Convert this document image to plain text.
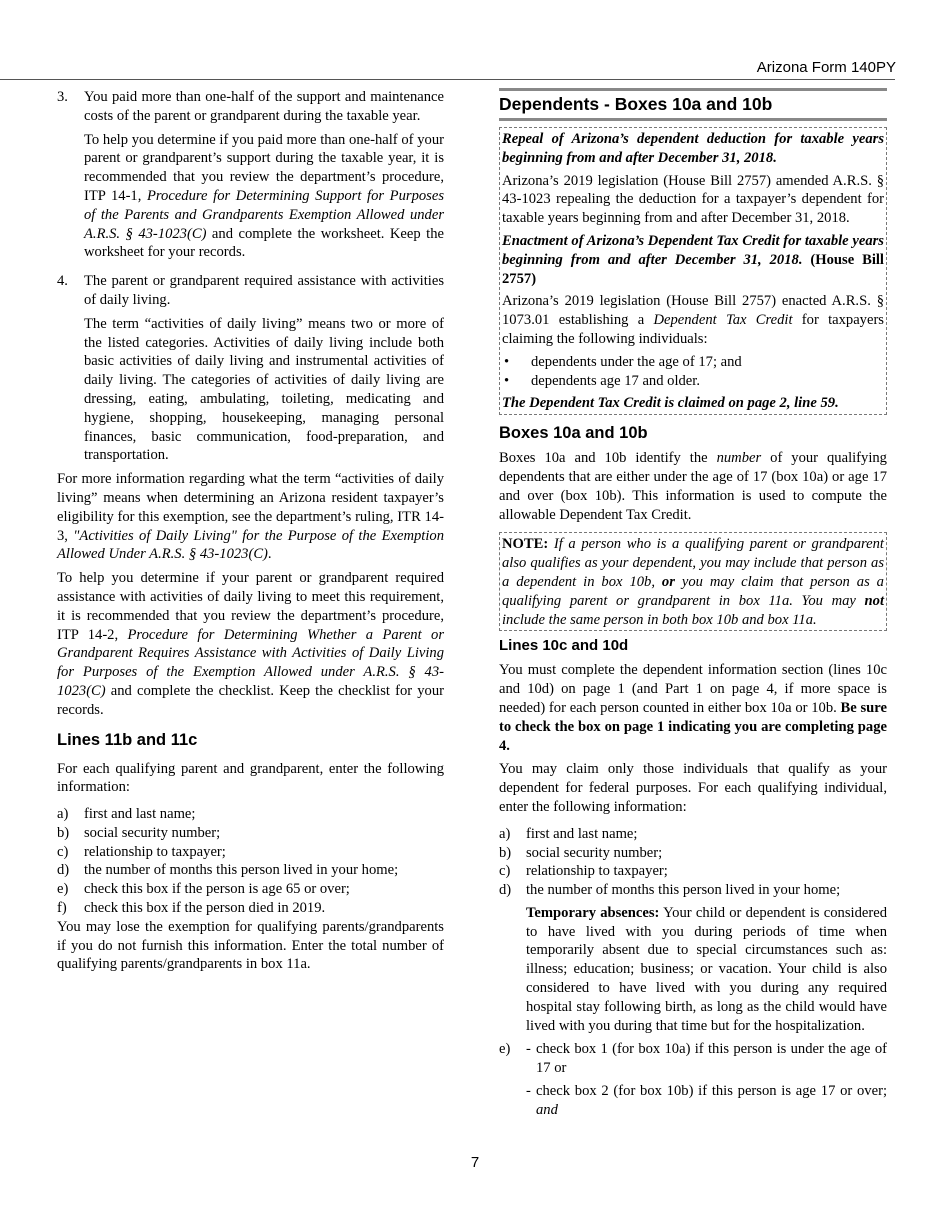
Arizona Form 140PY
3.	You paid more than one-half of the support and maintenance costs of the parent or grandparent during the taxable year.

To help you determine if you paid more than one-half of your parent or grandparent’s support during the taxable year, it is recommended that you review the department’s procedure, ITP 14-1, Procedure for Determining Support for Purposes of the Parents and Grandparents Exemption Allowed under A.R.S. § 43-1023(C) and complete the worksheet. Keep the worksheet for your records.

4.	The parent or grandparent required assistance with activities of daily living.

The term “activities of daily living” means two or more of the listed categories. Activities of daily living include both basic activities of daily living and instrumental activities of daily living. The categories of activities of daily living are dressing, eating, ambulating, toileting, medicating and hygiene, shopping, housekeeping, managing personal finances, basic communication, food-preparation, and transportation.

For more information regarding what the term “activities of daily living” means when determining an Arizona resident taxpayer’s eligibility for this exemption, see the department’s ruling, ITR 14-3, "Activities of Daily Living" for the Purpose of the Exemption Allowed Under A.R.S. § 43-1023(C).

To help you determine if your parent or grandparent required assistance with activities of daily living to meet this requirement, it is recommended that you review the department’s procedure, ITP 14-2, Procedure for Determining Whether a Parent or Grandparent Requires Assistance with Activities of Daily Living for Purposes of the Exemption Allowed under A.R.S. § 43-1023(C) and complete the checklist. Keep the checklist for your records.

Lines 11b and 11c

For each qualifying parent and grandparent, enter the following information:

a)	first and last name;
b)	social security number;
c)	relationship to taxpayer;
d)	the number of months this person lived in your home;
e)	check this box if the person is age 65 or over;
f)	check this box if the person died in 2019.

You may lose the exemption for qualifying parents/grandparents if you do not furnish this information. Enter the total number of qualifying parents/grandparents in box 11a.

Dependents - Boxes 10a and 10b

Repeal of Arizona’s dependent deduction for taxable years beginning from and after December 31, 2018.

Arizona’s 2019 legislation (House Bill 2757) amended A.R.S. § 43-1023 repealing the deduction for a taxpayer’s dependent for taxable years beginning from and after December 31, 2018.

Enactment of Arizona’s Dependent Tax Credit for taxable years beginning from and after December 31, 2018. (House Bill 2757)

Arizona’s 2019 legislation (House Bill 2757) enacted A.R.S. § 1073.01 establishing a Dependent Tax Credit for taxpayers claiming the following individuals:

•	dependents under the age of 17; and
•	dependents age 17 and older.

The Dependent Tax Credit is claimed on page 2, line 59.

Boxes 10a and 10b

Boxes 10a and 10b identify the number of your qualifying dependents that are either under the age of 17 (box 10a) or age 17 and over (box 10b). This information is used to compute the allowable Dependent Tax Credit.

NOTE: If a person who is a qualifying parent or grandparent also qualifies as your dependent, you may include that person as a dependent in box 10b, or you may claim that person as a qualifying parent or grandparent in box 11a. You may not include the same person in both box 10b and box 11a.

Lines 10c and 10d

You must complete the dependent information section (lines 10c and 10d) on page 1 (and Part 1 on page 4, if more space is needed) for each person counted in either box 10a or 10b. Be sure to check the box on page 1 indicating you are completing page 4.

You may claim only those individuals that qualify as your dependent for federal purposes. For each qualifying individual, enter the following information:

a)	first and last name;
b)	social security number;
c)	relationship to taxpayer;
d)	the number of months this person lived in your home;

Temporary absences: Your child or dependent is considered to have lived with you during periods of time when temporarily absent due to special circumstances such as: illness; education; business; or vacation. Your child is also considered to have lived with you during any required hospital stay following birth, as long as the child would have lived with you during that time but for the hospitalization.

e)	- check box 1 (for box 10a) if this person is under the age of 17 or
- check box 2 (for box 10b) if this person is age 17 or over; and
7
